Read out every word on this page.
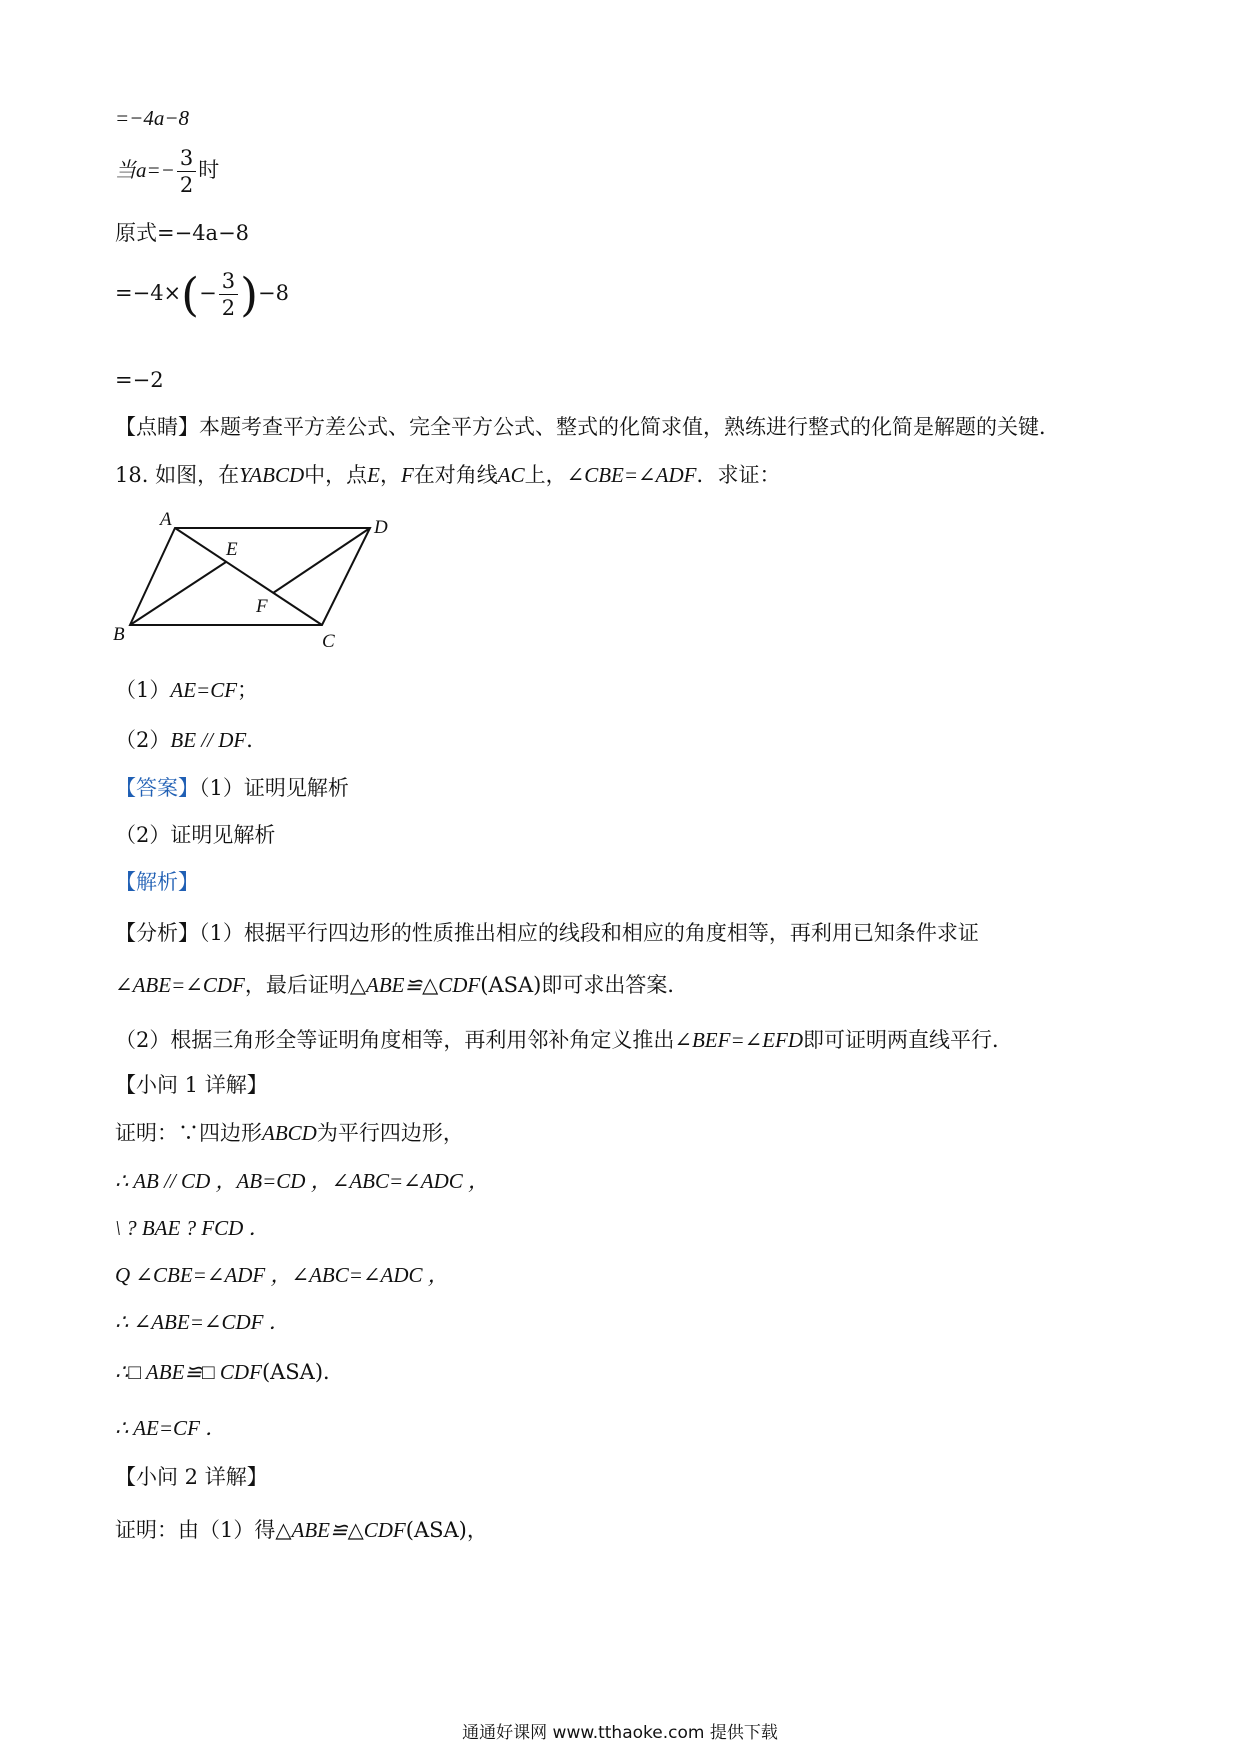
=−4a−8
当$a=- \frac{3}{2}$ 时
原式=−4a−8
$=-4\times(- \frac{3}{2} )-8$
=−2
【点睛】本题考查平方差公式、完全平方公式、整式的化简求值，熟练进行整式的化简是解题的关键．
18. 如图，在YABCD中，点E，F在对角线AC上，∠CBE=∠ADF．求证：
A	D
E
F
B	C
（1）AE=CF；
（2）BE // DF．
【答案】（1）证明见解析
（2）证明见解析
【解析】
【分析】（1）根据平行四边形的性质推出相应的线段和相应的角度相等，再利用已知条件求证
∠ABE=∠CDF，最后证明△ABE≌△CDF(ASA)即可求出答案．
（2）根据三角形全等证明角度相等，再利用邻补角定义推出∠BEF=∠EFD即可证明两直线平行．
【小问 1 详解】
证明：∵四边形ABCD为平行四边形，
∴ AB // CD ，AB=CD ，∠ABC=∠ADC ，
\ ? BAE ? FCD ．
Q ∠CBE=∠ADF ，∠ABC=∠ADC ，
∴ ∠ABE=∠CDF ．
∴□ ABE≌□ CDF(ASA)．
∴ AE=CF ．
【小问 2 详解】
证明：由（1）得△ABE≌△CDF(ASA)，
通通好课网 www.tthaoke.com 提供下载
